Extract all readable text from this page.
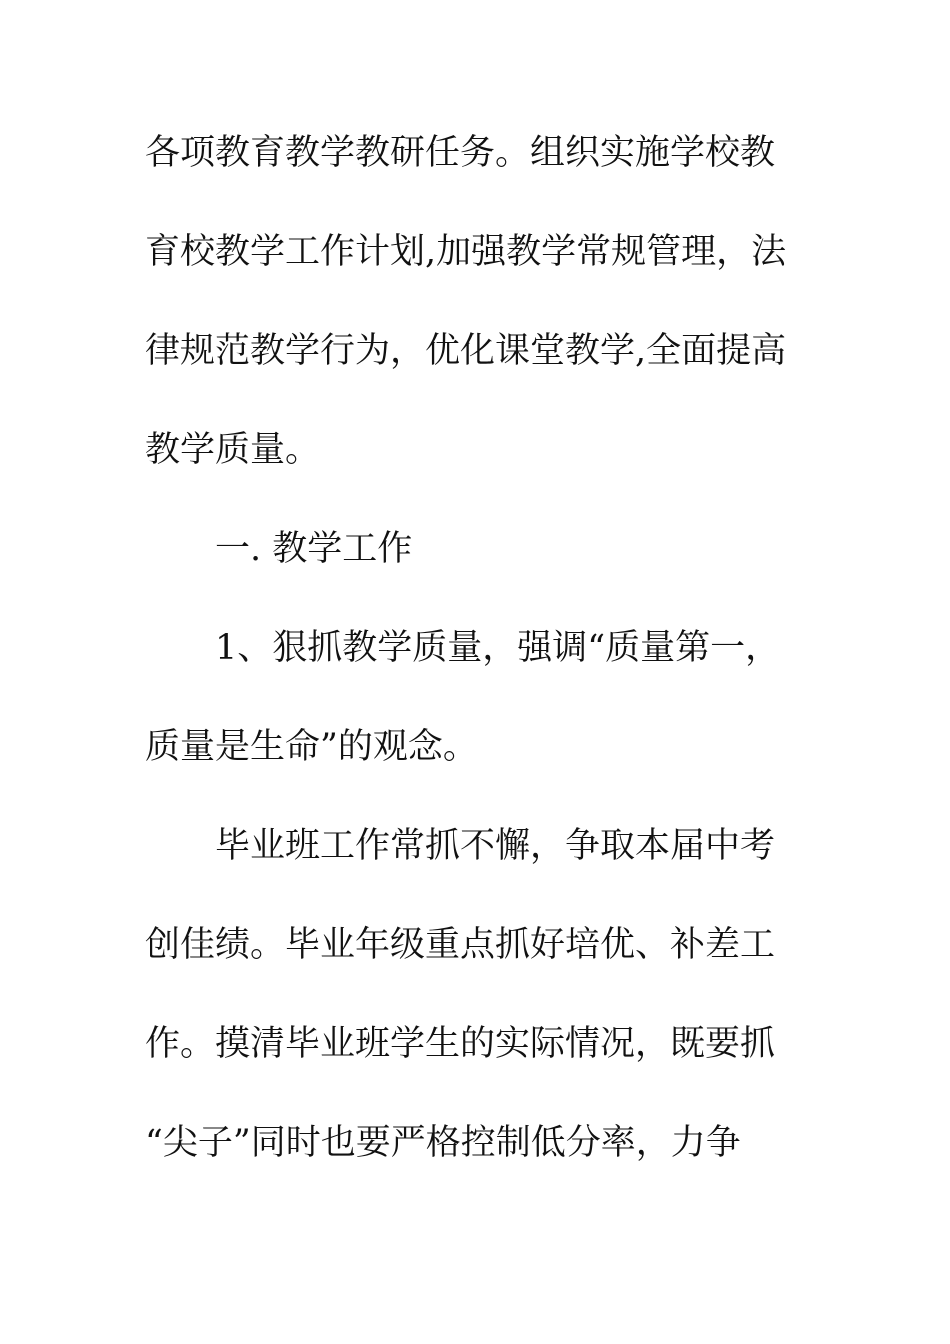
各项教育教学教研任务。组织实施学校教
育校教学工作计划,加强教学常规管理，法
律规范教学行为，优化课堂教学,全面提高
教学质量。
一. 教学工作
1、狠抓教学质量，强调“质量第一，
质量是生命”的观念。
毕业班工作常抓不懈，争取本届中考
创佳绩。毕业年级重点抓好培优、补差工
作。摸清毕业班学生的实际情况，既要抓
“尖子”同时也要严格控制低分率，力争
